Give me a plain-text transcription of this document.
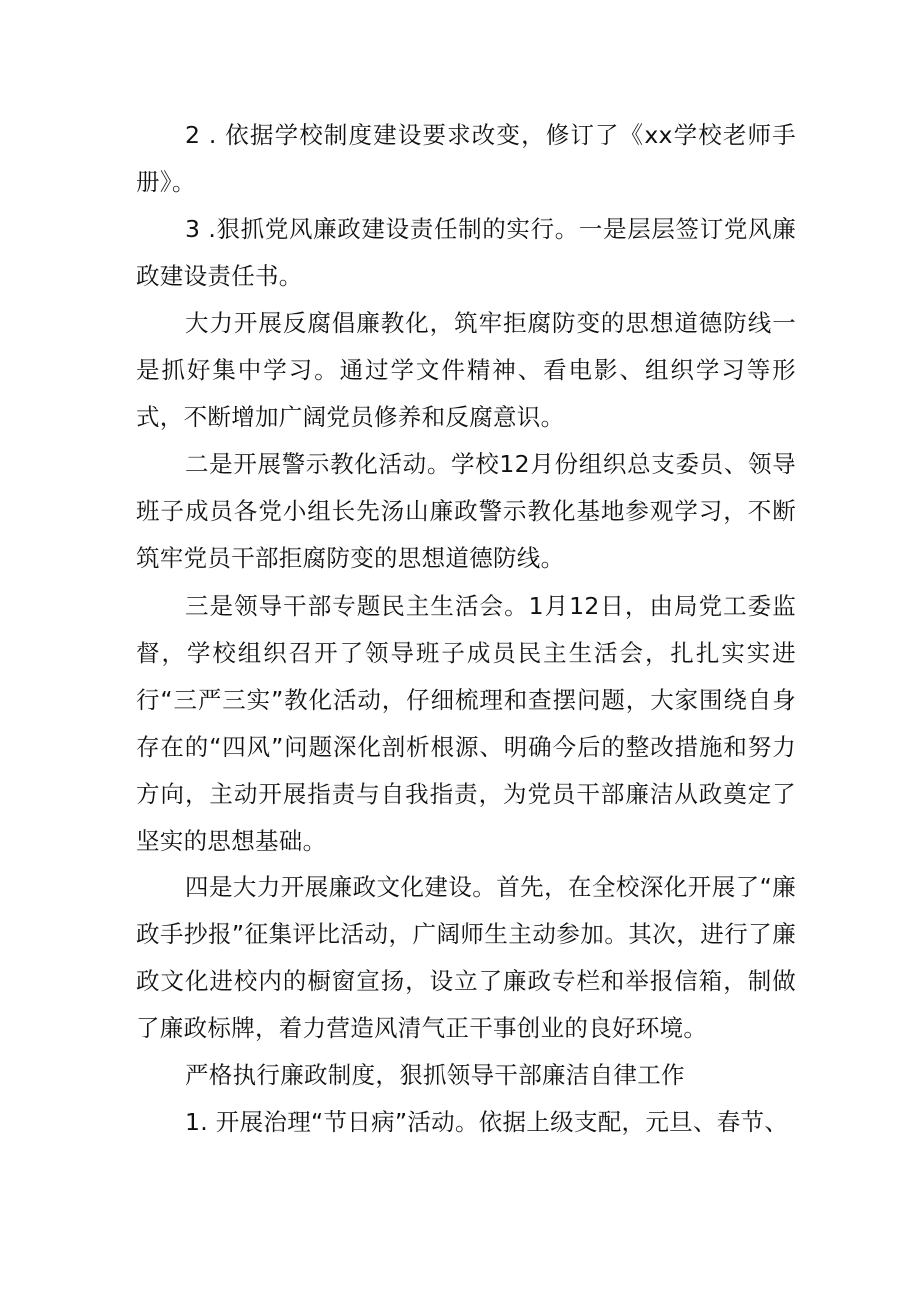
2 . 依据学校制度建设要求改变，修订了《xx学校老师手册》。

3 .狠抓党风廉政建设责任制的实行。一是层层签订党风廉政建设责任书。

大力开展反腐倡廉教化，筑牢拒腐防变的思想道德防线一是抓好集中学习。通过学文件精神、看电影、组织学习等形式，不断增加广阔党员修养和反腐意识。

二是开展警示教化活动。学校12月份组织总支委员、领导班子成员各党小组长先汤山廉政警示教化基地参观学习，不断筑牢党员干部拒腐防变的思想道德防线。

三是领导干部专题民主生活会。1月12日，由局党工委监督，学校组织召开了领导班子成员民主生活会，扎扎实实进行“三严三实”教化活动，仔细梳理和查摆问题，大家围绕自身存在的“四风”问题深化剖析根源、明确今后的整改措施和努力方向，主动开展指责与自我指责，为党员干部廉洁从政奠定了坚实的思想基础。

四是大力开展廉政文化建设。首先，在全校深化开展了“廉政手抄报”征集评比活动，广阔师生主动参加。其次，进行了廉政文化进校内的橱窗宣扬，设立了廉政专栏和举报信箱，制做了廉政标牌，着力营造风清气正干事创业的良好环境。

严格执行廉政制度，狠抓领导干部廉洁自律工作

1. 开展治理“节日病”活动。依据上级支配，元旦、春节、
